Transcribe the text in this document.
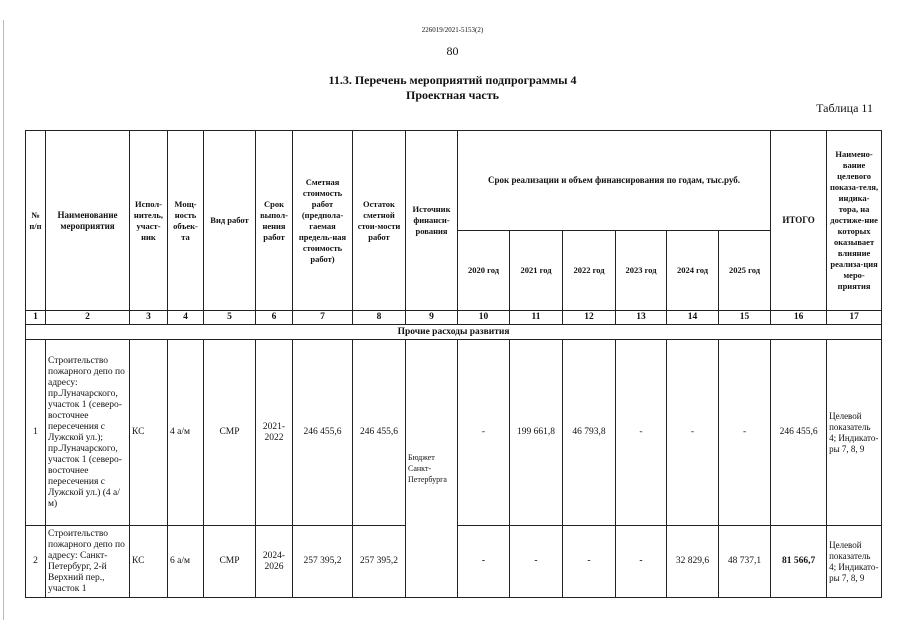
226019/2021-5153(2)
80
11.3. Перечень мероприятий подпрограммы 4
Проектная часть
Таблица 11
№ п/п	Наименование мероприятия	Испол-нитель, участ-ник	Мощ-ность объек-та	Вид работ	Срок выпол-нения работ	Сметная стоимость работ (предпола-гаемая предель-ная стоимость работ)	Остаток сметной стои-мости работ	Источник финанси-рования	Срок реализации и объем финансирования по годам, тыс.руб.						ИТОГО	Наимено-вание целевого показа-теля, индика-тора, на достиже-ние которых оказывает влияние реализа-ция меро-приятия
									2020 год	2021 год	2022 год	2023 год	2024 год	2025 год		
1	2	3	4	5	6	7	8	9	10	11	12	13	14	15	16	17
Прочие расходы развития																
1	Строительство пожарного депо по адресу: пр.Луначарского, участок 1 (северо-восточнее пересечения с Лужской ул.); пр.Луначарского, участок 1 (северо-восточнее пересечения с Лужской ул.) (4 а/м)	КС	4 а/м	СМР	2021-2022	246 455,6	246 455,6	Бюджет Санкт-Петербурга	-	199 661,8	46 793,8	-	-	-	246 455,6	Целевой показатель 4; Индикато-ры 7, 8, 9
2	Строительство пожарного депо по адресу: Санкт-Петербург, 2-й Верхний пер., участок 1	КС	6 а/м	СМР	2024-2026	257 395,2	257 395,2		-	-	-	-	32 829,6	48 737,1	81 566,7	Целевой показатель 4; Индикато-ры 7, 8, 9
